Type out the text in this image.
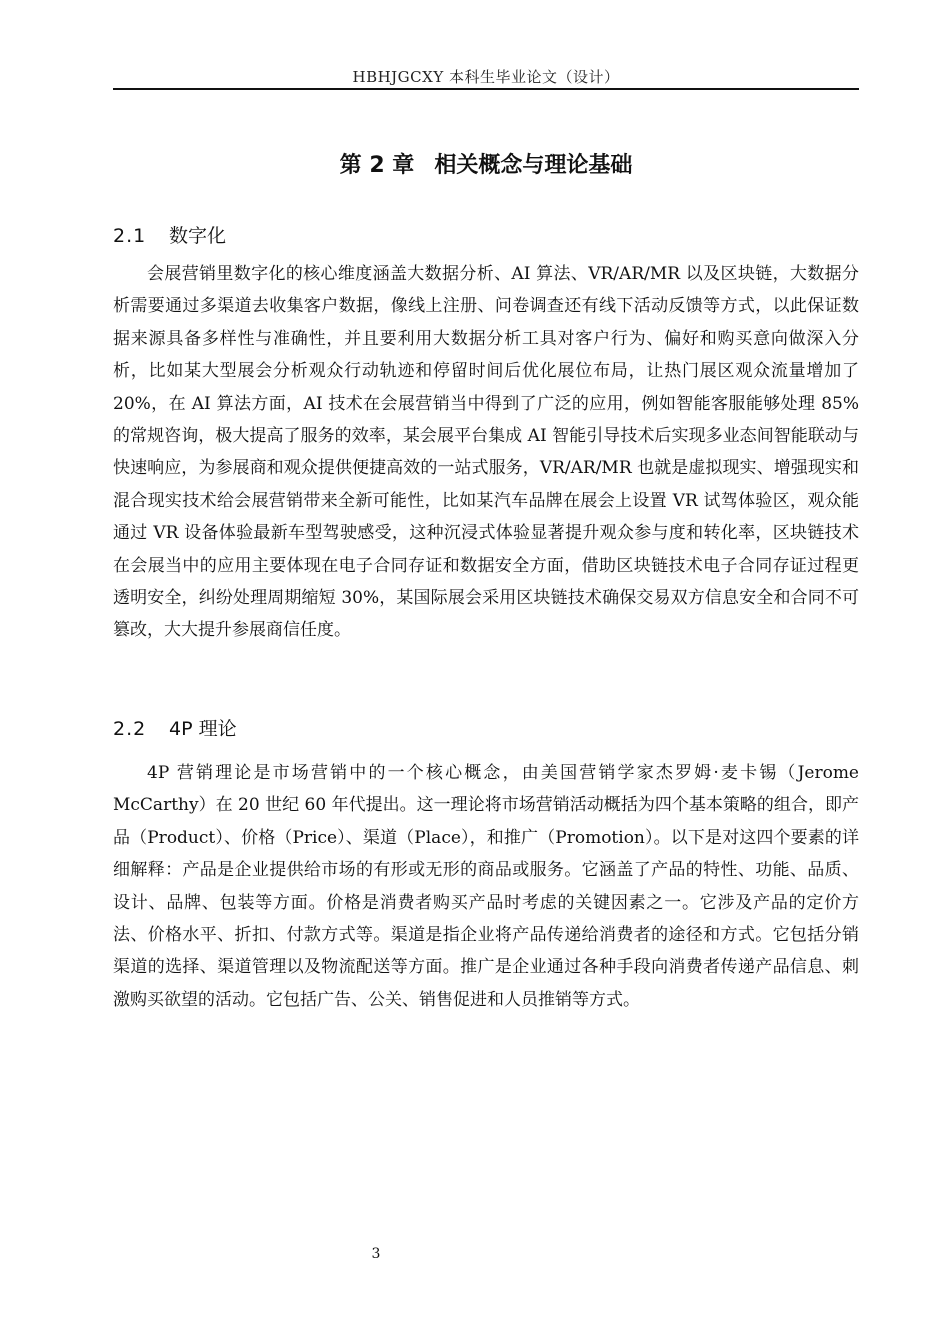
HBHJGCXY 本科生毕业论文（设计）
第 2 章 相关概念与理论基础
2.1 数字化

会展营销里数字化的核心维度涵盖大数据分析、AI 算法、VR/AR/MR 以及区块链，大数据分析需要通过多渠道去收集客户数据，像线上注册、问卷调查还有线下活动反馈等方式，以此保证数据来源具备多样性与准确性，并且要利用大数据分析工具对客户行为、偏好和购买意向做深入分析，比如某大型展会分析观众行动轨迹和停留时间后优化展位布局，让热门展区观众流量增加了 20%，在 AI 算法方面，AI 技术在会展营销当中得到了广泛的应用，例如智能客服能够处理 85%的常规咨询，极大提高了服务的效率，某会展平台集成 AI 智能引导技术后实现多业态间智能联动与快速响应，为参展商和观众提供便捷高效的一站式服务，VR/AR/MR 也就是虚拟现实、增强现实和混合现实技术给会展营销带来全新可能性，比如某汽车品牌在展会上设置 VR 试驾体验区，观众能通过 VR 设备体验最新车型驾驶感受，这种沉浸式体验显著提升观众参与度和转化率，区块链技术在会展当中的应用主要体现在电子合同存证和数据安全方面，借助区块链技术电子合同存证过程更透明安全，纠纷处理周期缩短 30%，某国际展会采用区块链技术确保交易双方信息安全和合同不可篡改，大大提升参展商信任度。

2.2 4P 理论

4P 营销理论是市场营销中的一个核心概念，由美国营销学家杰罗姆·麦卡锡（Jerome McCarthy）在 20 世纪 60 年代提出。这一理论将市场营销活动概括为四个基本策略的组合，即产品（Product）、价格（Price）、渠道（Place），和推广（Promotion）。以下是对这四个要素的详细解释：产品是企业提供给市场的有形或无形的商品或服务。它涵盖了产品的特性、功能、品质、设计、品牌、包装等方面。价格是消费者购买产品时考虑的关键因素之一。它涉及产品的定价方法、价格水平、折扣、付款方式等。渠道是指企业将产品传递给消费者的途径和方式。它包括分销渠道的选择、渠道管理以及物流配送等方面。推广是企业通过各种手段向消费者传递产品信息、刺激购买欲望的活动。它包括广告、公关、销售促进和人员推销等方式。

3
